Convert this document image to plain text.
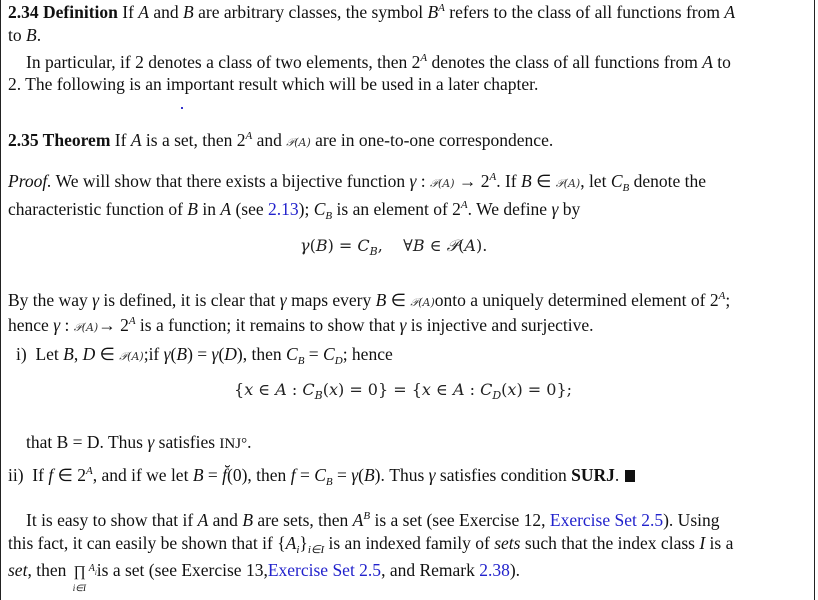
2.34 Definition If A and B are arbitrary classes, the symbol $B^A$ refers to the class of all functions from A
to B.
In particular, if 2 denotes a class of two elements, then $2^A$ denotes the class of all functions from A to
2. The following is an important result which will be used in a later chapter.
2.35 Theorem If A is a set, then $2^A$ and 𝒫(A) are in one-to-one correspondence.
Proof. We will show that there exists a bijective function γ : 𝒫(A) → $2^A$. If B ∈ 𝒫(A), let $C_B$ denote the
characteristic function of B in A (see 2.13); $C_B$ is an element of $2^A$. We define γ by
$\gamma(B) = C_B$,    ∀B ∈ 𝒫(A).
By the way γ is defined, it is clear that γ maps every B ∈ 𝒫(A)onto a uniquely determined element of $2^A$;
hence γ : 𝒫(A)→ $2^A$ is a function; it remains to show that γ is injective and surjective.
i)  Let B, D ∈ 𝒫(A);if γ(B) = γ(D), then $C_B = C_D$; hence
{x ∈ A : $C_B(x) = 0\} = \{x$ ∈ A : $C_D(x) = 0$};
that B = D. Thus γ satisfies INJ°.
ii)  If f ∈ $2^A$, and if we let B = f̆(0), then $f = C_B = \gamma(B)$. Thus γ satisfies condition SURJ.
It is easy to show that if A and B are sets, then $A^B$ is a set (see Exercise 12, Exercise Set 2.5). Using
this fact, it can easily be shown that if $\{A_i\}_{i\in I}$ is an indexed family of sets such that the index class I is a
set, then ∏
i∈I
$^{A_i}$is a set (see Exercise 13,Exercise Set 2.5, and Remark 2.38).
